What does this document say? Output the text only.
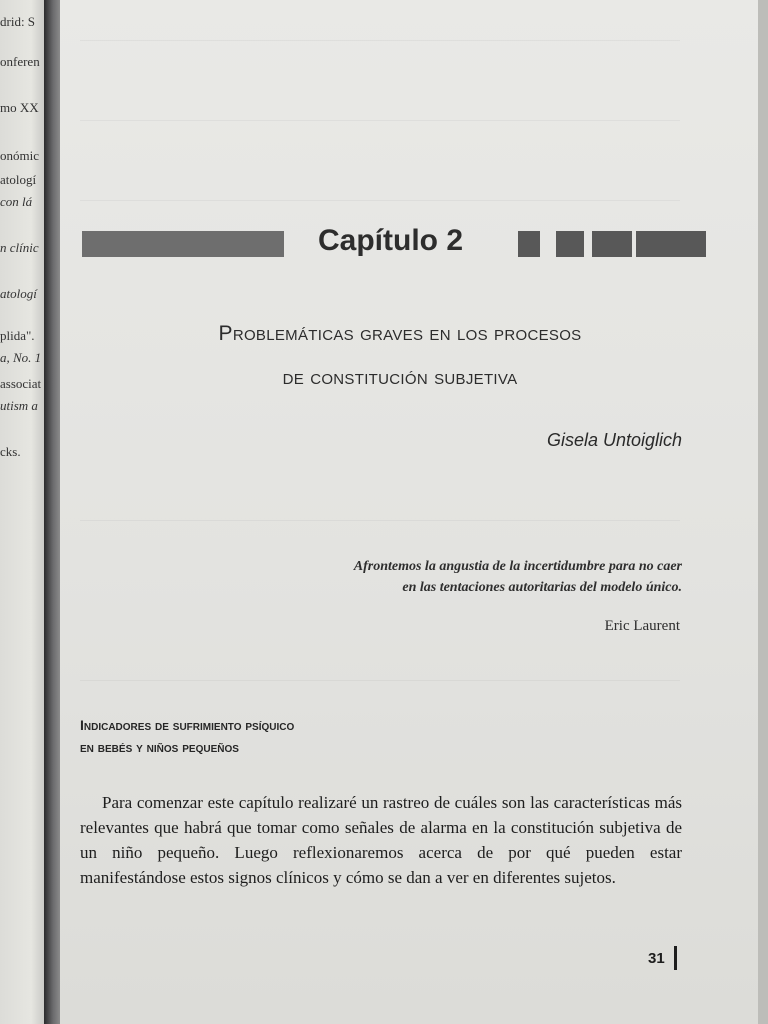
drid: S
onferen
mo XX
onómic
atologí
con lá
n clínic
atologí
plida".
a, No. 1
associat
utism a
cks.
Capítulo 2
Problemáticas graves en los procesos
de constitución subjetiva
Gisela Untoiglich
Afrontemos la angustia de la incertidumbre para no caer
en las tentaciones autoritarias del modelo único.
Eric Laurent
Indicadores de sufrimiento psíquico
en bebés y niños pequeños

Para comenzar este capítulo realizaré un rastreo de cuáles son las características más relevantes que habrá que tomar como señales de alarma en la constitución subjetiva de un niño pequeño. Luego reflexionaremos acerca de por qué pueden estar manifestándose estos signos clínicos y cómo se dan a ver en diferentes sujetos.

31
